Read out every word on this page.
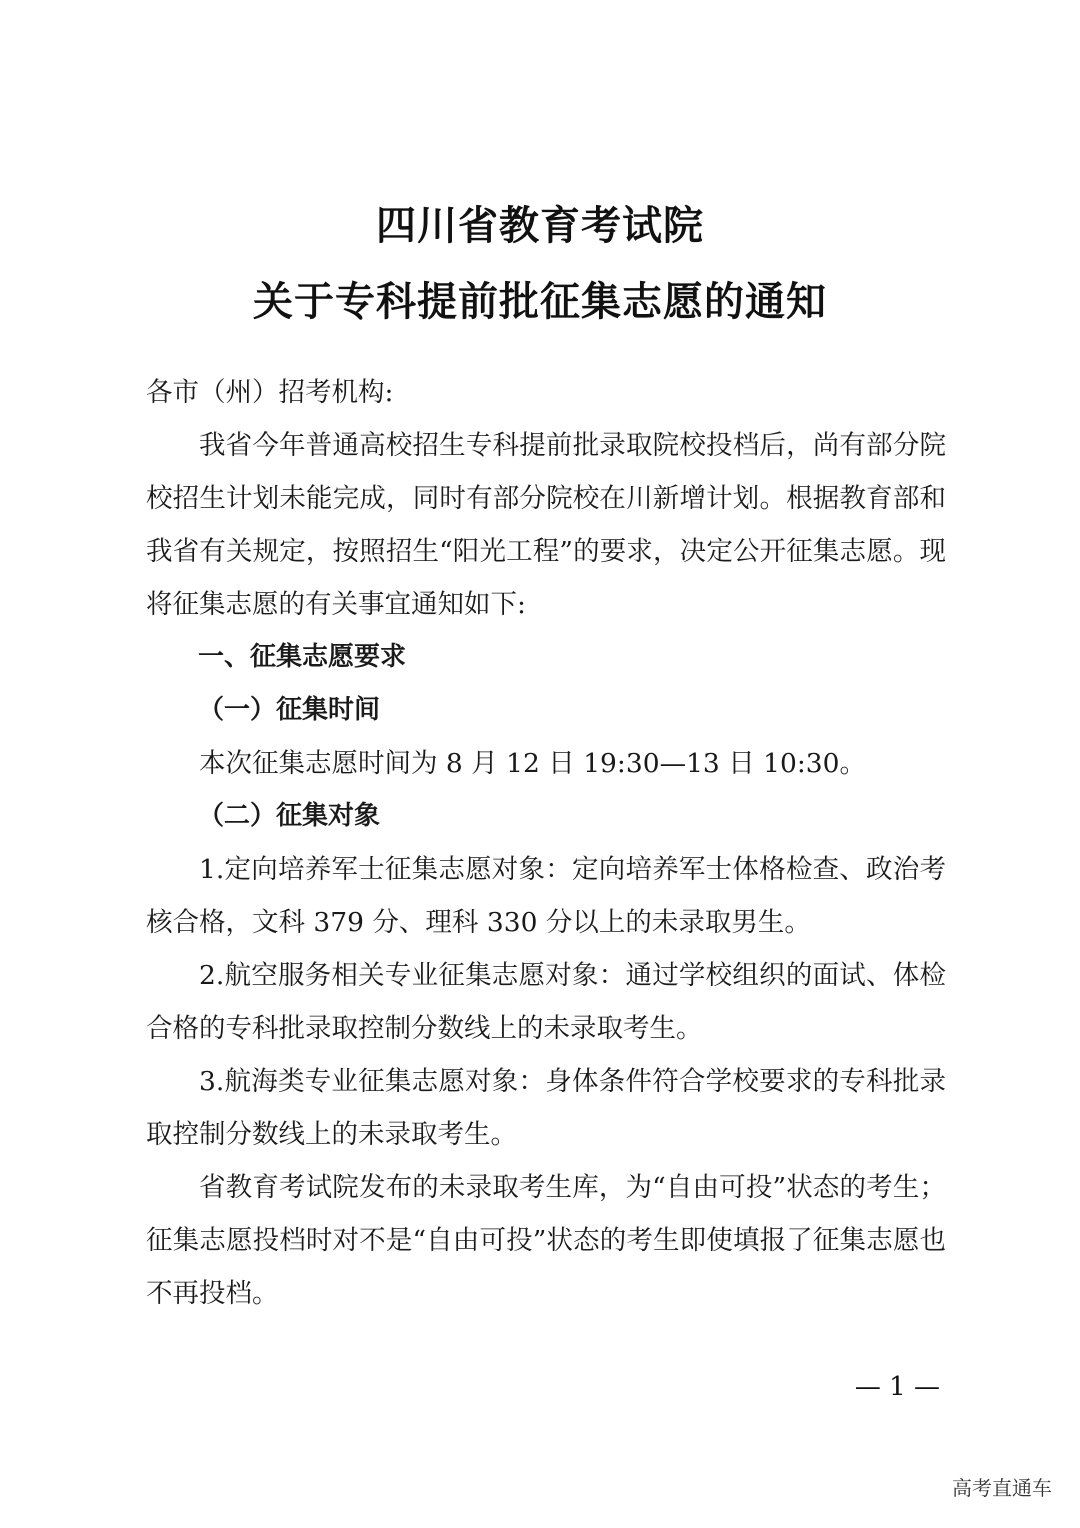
四川省教育考试院
关于专科提前批征集志愿的通知

各市（州）招考机构:

我省今年普通高校招生专科提前批录取院校投档后，尚有部分院校招生计划未能完成，同时有部分院校在川新增计划。根据教育部和我省有关规定，按照招生“阳光工程”的要求，决定公开征集志愿。现将征集志愿的有关事宜通知如下:

一、征集志愿要求

（一）征集时间

本次征集志愿时间为 8 月 12 日 19:30—13 日 10:30。

（二）征集对象

1.定向培养军士征集志愿对象：定向培养军士体格检查、政治考核合格，文科 379 分、理科 330 分以上的未录取男生。

2.航空服务相关专业征集志愿对象：通过学校组织的面试、体检合格的专科批录取控制分数线上的未录取考生。

3.航海类专业征集志愿对象：身体条件符合学校要求的专科批录取控制分数线上的未录取考生。

省教育考试院发布的未录取考生库，为“自由可投”状态的考生；征集志愿投档时对不是“自由可投”状态的考生即使填报了征集志愿也不再投档。

— 1 —
高考直通车
